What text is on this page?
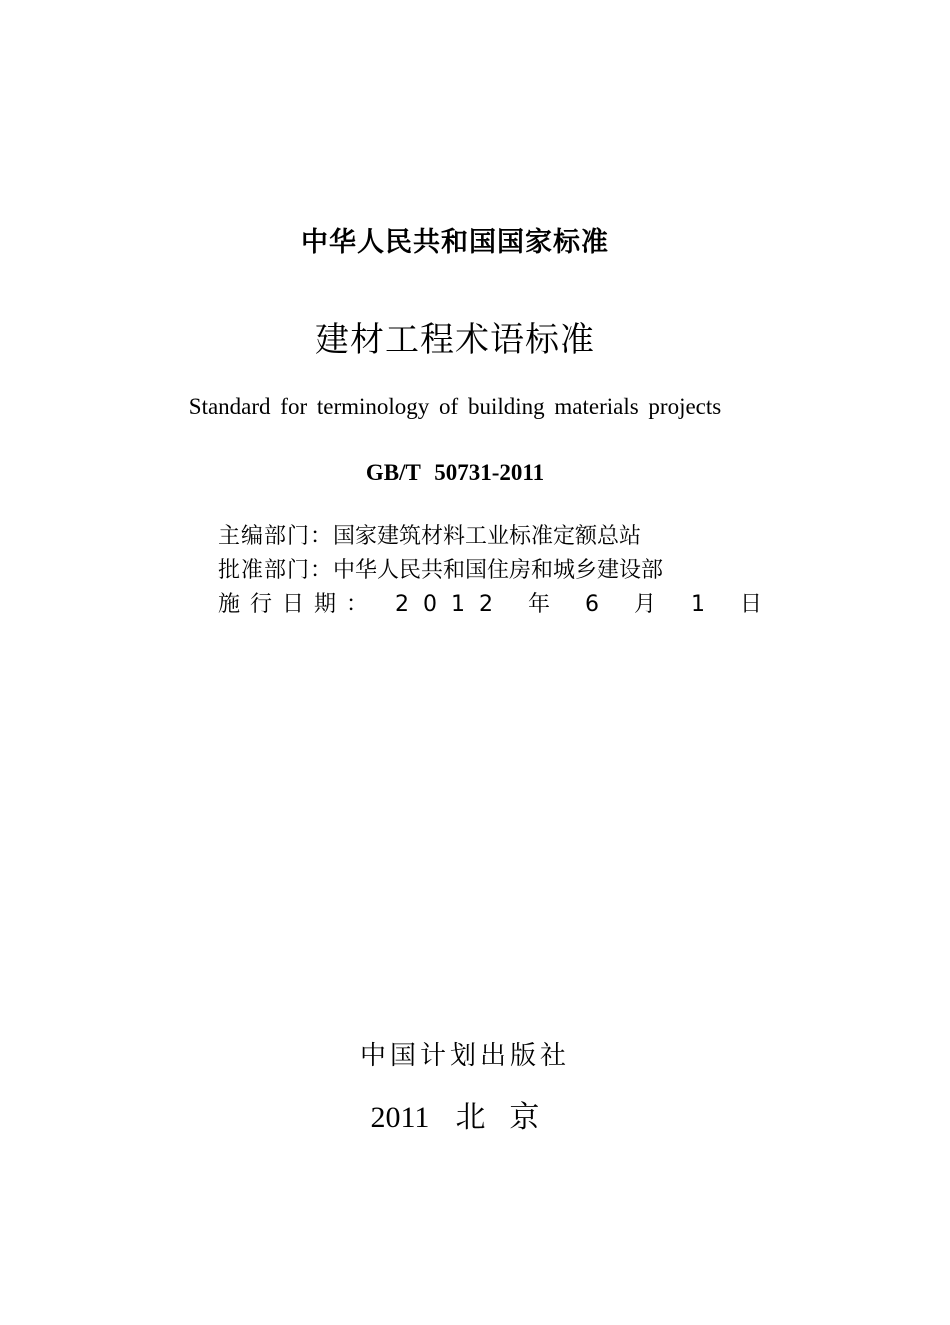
中华人民共和国国家标准
建材工程术语标准
Standard for terminology of building materials projects
GB/T 50731-2011
主编部门：国家建筑材料工业标准定额总站
批准部门：中华人民共和国住房和城乡建设部
施行日期： 2012 年 6 月 1 日
中国计划出版社
2011 北京
